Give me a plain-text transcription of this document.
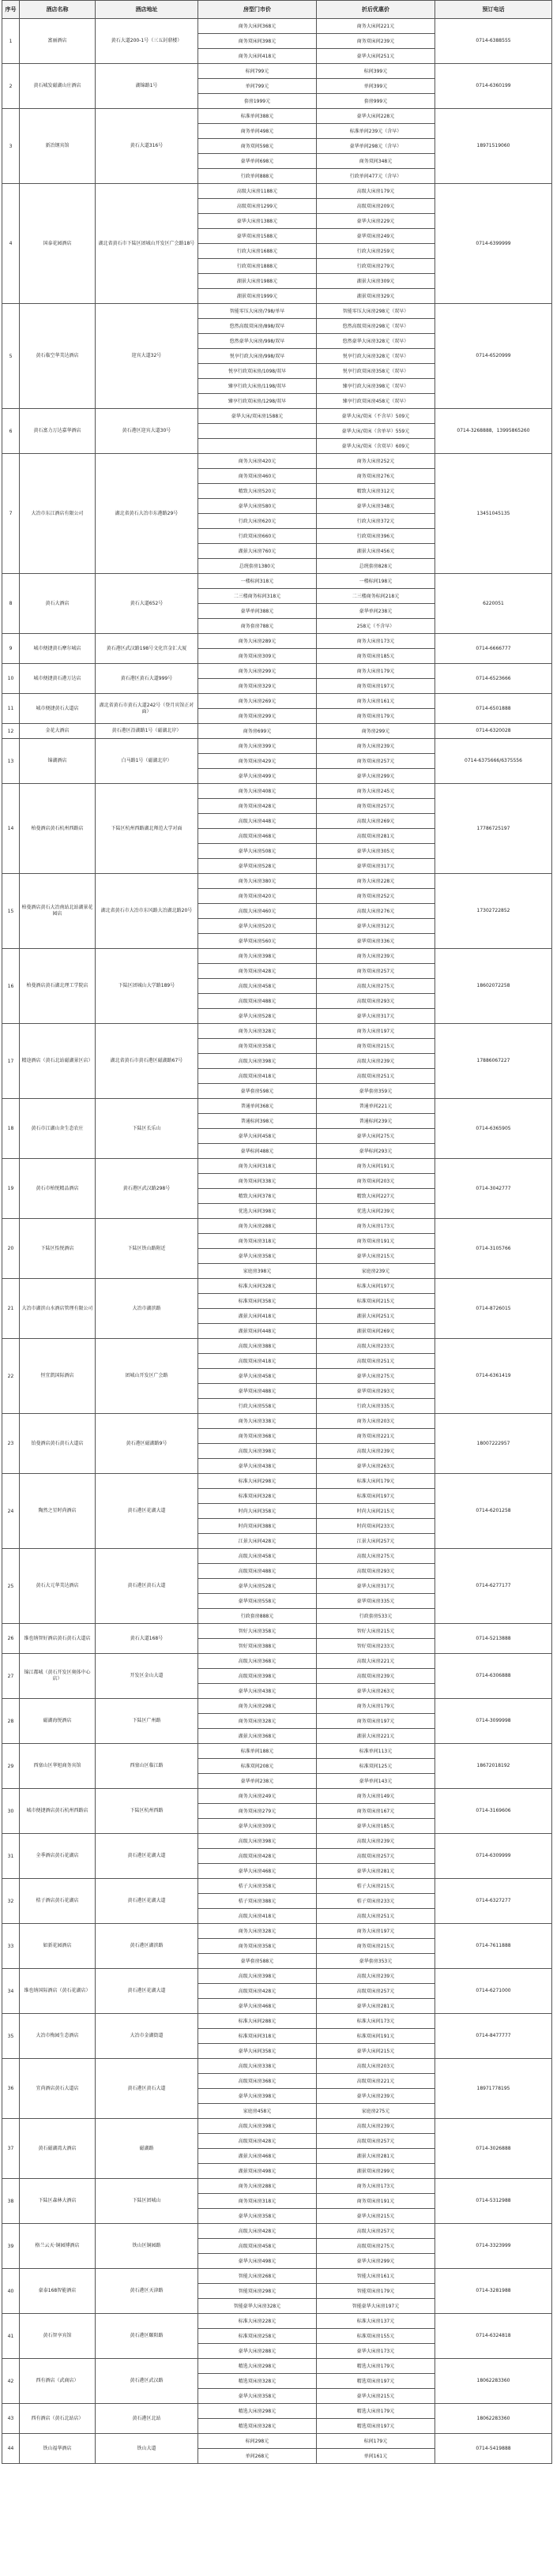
序号	酒店名称	酒店地址	房型门市价	折后优惠价	预订电话
1	富丽酒店	黄石大道200-1号（三五封鼎楼）	商务大床间368元	商务大床间221元	0714-6388555
			商务双床间398元	商务双床间239元	
			商务大床间418元	豪华大床间251元	
2	黄石城发磁湖山庄酒店	湖锦路1号	标间799元	标间399元	0714-6360199
			单间799元	单间399元	
			套房1999元	套房999元	
3	新冶钢宾馆	黄石大道316号	标准单间388元	豪华大床间228元	18971519060
			商务单间498元	标准单间239元（含早）	
			商务双间598元	豪华单间298元（含早）	
			豪华单间698元	商务双间348元	
			行政单间888元	行政单间477元（含早）	
4	国泰花园酒店	湖北省黄石市下陆区团城山开发区广会路18号	高级大床房1188元	高级大床房179元	0714-6399999
			高级双床房1299元	高级双床房209元	
			豪华大床房1388元	豪华大床房229元	
			豪华双床房1588元	豪华双床房249元	
			行政大床房1688元	行政大床房259元	
			行政双床房1888元	行政双床房279元	
			湖景大床房1988元	湖景大床房309元	
			湖景双床房1999元	湖景双床房329元	
5	黄石临空华美达酒店	迎宾大道32号	智能零压大床房/798/单早	智能零压大床房298元（双早）	0714-6520999
			悠然高级双床房/898/双早	悠然高级双床房298元（双早）	
			悠然豪华大床房/998/双早	悠然豪华大床房328元（双早）	
			悦享行政大床房/998/双早	悦享行政大床房328元（双早）	
			悦享行政双床房/1098/双早	悦享行政双床房358元（双早）	
			臻享行政大床房/1198/双早	臻享行政大床房398元（双早）	
			臻享行政双床房/1298/双早	臻享行政双床房458元（双早）	
6	黄石富力万达嘉华酒店	黄石港区迎宾大道30号	豪华大床/双床房1588元	豪华大床/双床（不含早）509元	0714-3268888，13995865260
				豪华大床/双床（含单早）559元	
				豪华大床/双床（含双早）609元	
7	大冶市东江酒店有限公司	湖北省黄石大冶市东港路29号	商务大床房420元	商务大床房252元	13451045135
			商务双床房460元	商务双床房276元	
			精致大床房520元	精致大床房312元	
			豪华大床房580元	豪华大床房348元	
			行政大床房620元	行政大床房372元	
			行政双床房660元	行政双床房396元	
			湖景大床房760元	湖景大床房456元	
			总统套房1380元	总统套房828元	
8	黄石大酒店	黄石大道652号	一楼标间318元	一楼标间198元	6220051
			二三楼商务标间318元	二三楼商务标间218元	
			豪华单间388元	豪华单间238元	
			商务套房788元	258元（不含早）	
9	城市便捷黄石摩尔城店	黄石港区武汉路198号文化宫金汇大厦	商务大床房289元	商务大床房173元	0714-6666777
			商务双床房309元	商务双床房185元	
10	城市便捷黄石港万达店	黄石港区黄石大道999号	商务大床房299元	商务大床房179元	0714-6523666
			商务双床房329元	商务双床房197元	
11	城市便捷黄石大道店	湖北省黄石市黄石大道242号（登月宾馆正对面）	商务大床房269元	商务大床房161元	0714-6501888
			商务双床房299元	商务双床房179元	
12	金花大酒店	黄石港区沿湖路1号（磁湖北岸）	商务房699元	商务房299元	0714-6320028
13	锦湖酒店	白马路1号（磁湖北岸）	商务大床房399元	商务大床房239元	0714-6375666/6375556
			商务双床房429元	商务双床房257元	
			豪华大床房499元	豪华大床房299元	
14	柏曼酒店黄石杭州西路店	下陆区杭州西路湖北师范大学对面	商务大床房408元	商务大床房245元	17786725197
			商务双床房428元	商务双床房257元	
			高级大床房448元	高级大床房269元	
			高级双床房468元	高级双床房281元	
			豪华大床房508元	豪华大床房305元	
			豪华双床房528元	豪华双床房317元	
15	柏曼酒店黄石大冶南站北站湖景花园店	湖北省黄石市大冶市东风路大冶湖北路20号	商务大床房380元	商务大床房228元	17302722852
			商务双床房420元	商务双床房252元	
			高级大床房460元	高级大床房276元	
			豪华大床房520元	豪华大床房312元	
			豪华双床房560元	豪华双床房336元	
16	柏曼酒店黄石湖北理工学院店	下陆区团城山大学路189号	商务大床房398元	商务大床房239元	18602072258
			商务双床房428元	商务双床房257元	
			高级大床房458元	高级大床房275元	
			高级双床房488元	高级双床房293元	
			豪华大床房528元	豪华大床房317元	
17	精途酒店（黄石北站磁湖景区店）	湖北省黄石市黄石港区磁湖路67号	商务大床房328元	商务大床房197元	17886067227
			商务双床房358元	商务双床房215元	
			高级大床房398元	高级大床房239元	
			高级双床房418元	高级双床房251元	
			豪华套房598元	豪华套房359元	
18	黄石市江湖山舍生态农庄	下陆区长乐山	普通单间368元	普通单间221元	0714-6365905
			普通标间398元	普通标间239元	
			豪华大床间458元	豪华大床间275元	
			豪华标间488元	豪华标间293元	
19	黄石市柏悦精品酒店	黄石港区武汉路298号	商务大床间318元	商务大床间191元	0714-3042777
			商务双床间338元	商务双床间203元	
			精致大床间378元	精致大床间227元	
			优选大床间398元	优选大床间239元	
20	下陆区怡悦酒店	下陆区铁山路附近	商务大床房288元	商务大床房173元	0714-3105766
			商务双床房318元	商务双床房191元	
			豪华大床房358元	豪华大床房215元	
			家庭房398元	家庭房239元	
21	大冶市湖滨山水酒店管理有限公司	大冶市湖滨路	标准大床间328元	标准大床间197元	0714-8726015
			标准双床间358元	标准双床间215元	
			湖景大床间418元	湖景大床间251元	
			湖景双床间448元	湖景双床间269元	
22	恒宜凯国际酒店	团城山开发区广会路	高级大床房388元	高级大床房233元	0714-6361419
			高级双床房418元	高级双床房251元	
			豪华大床房458元	豪华大床房275元	
			豪华双床房488元	豪华双床房293元	
			行政大床房558元	行政大床房335元	
23	铂曼酒店黄石黄石大道店	黄石港区磁湖路9号	商务大床房338元	商务大床房203元	18007222957
			商务双床房368元	商务双床房221元	
			高级大床房398元	高级大床房239元	
			豪华大床房438元	豪华大床房263元	
24	陶然之星时尚酒店	黄石港区花湖大道	标准大床间298元	标准大床间179元	0714-6201258
			标准双床间328元	标准双床间197元	
			时尚大床间358元	时尚大床间215元	
			时尚双床间388元	时尚双床间233元	
			江景大床间428元	江景大床间257元	
25	黄石大元华美达酒店	黄石港区黄石大道	高级大床房458元	高级大床房275元	0714-6277177
			高级双床房488元	高级双床房293元	
			豪华大床房528元	豪华大床房317元	
			豪华双床房558元	豪华双床房335元	
			行政套房888元	行政套房533元	
26	维也纳智好酒店黄石黄石大道店	黄石大道168号	智好大床房358元	智好大床房215元	0714-5213888
			智好双床房388元	智好双床房233元	
27	锦江都城（黄石开发区奥体中心店）	开发区金山大道	高级大床房368元	高级大床房221元	0714-6306888
			高级双床房398元	高级双床房239元	
			豪华大床房438元	豪华大床房263元	
28	磁湖海悦酒店	下陆区广州路	商务大床房298元	商务大床房179元	0714-3099998
			商务双床房328元	商务双床房197元	
			湖景大床房368元	湖景大床房221元	
29	西塞山区华旭商务宾馆	西塞山区临江路	标准单间188元	标准单间113元	18672018192
			标准双间208元	标准双间125元	
			豪华单间238元	豪华单间143元	
30	城市便捷酒店黄石杭州西路店	下陆区杭州西路	商务大床房249元	商务大床房149元	0714-3169606
			商务双床房279元	商务双床房167元	
			豪华大床房309元	豪华大床房185元	
31	全季酒店黄石花湖店	黄石港区花湖大道	高级大床房398元	高级大床房239元	0714-6309999
			高级双床房428元	高级双床房257元	
			豪华大床房468元	豪华大床房281元	
32	桔子酒店黄石花湖店	黄石港区花湖大道	桔子大床房358元	桔子大床房215元	0714-6327277
			桔子双床房388元	桔子双床房233元	
			高级大床房418元	高级大床房251元	
33	如新花园酒店	黄石港区湖滨路	商务大床房328元	商务大床房197元	0714-7611888
			商务双床房358元	商务双床房215元	
			豪华套房588元	豪华套房353元	
34	维也纳国际酒店（黄石花湖店）	黄石港区花湖大道	高级大床房398元	高级大床房239元	0714-6271000
			高级双床房428元	高级双床房257元	
			豪华大床房468元	豪华大床房281元	
35	大冶市梅园生态酒店	大冶市金湖街道	标准大床间288元	标准大床间173元	0714-8477777
			标准双床间318元	标准双床间191元	
			豪华大床间358元	豪华大床间215元	
36	宜尚酒店黄石大道店	黄石港区黄石大道	高级大床房338元	高级大床房203元	18971778195
			高级双床房368元	高级双床房221元	
			豪华大床房398元	豪华大床房239元	
			家庭房458元	家庭房275元	
37	黄石磁湖湾大酒店	磁湖路	高级大床房398元	高级大床房239元	0714-3026888
			高级双床房428元	高级双床房257元	
			湖景大床房468元	湖景大床房281元	
			湖景双床房498元	湖景双床房299元	
38	下陆区森林大酒店	下陆区团城山	商务大床房288元	商务大床房173元	0714-5312988
			商务双床房318元	商务双床房191元	
			豪华大床房358元	豪华大床房215元	
39	格兰云天·铜园博酒店	铁山区铜园路	高级大床房428元	高级大床房257元	0714-3323999
			高级双床房458元	高级双床房275元	
			豪华大床房498元	豪华大床房299元	
40	豪泰168智能酒店	黄石港区天津路	智能大床房268元	智能大床房161元	0714-3281988
			智能双床房298元	智能双床房179元	
			智能豪华大床房328元	智能豪华大床房197元	
41	黄石智享宾馆	黄石港区颐阳路	标准大床房228元	标准大床房137元	0714-6324818
			标准双床房258元	标准双床房155元	
			豪华大床房288元	豪华大床房173元	
42	西有酒店（武商店）	黄石港区武汉路	精选大床房298元	精选大床房179元	18062283360
			精选双床房328元	精选双床房197元	
			豪华大床房358元	豪华大床房215元	
43	西有酒店（黄石北站店）	黄石港区北站	精选大床房298元	精选大床房179元	18062283360
			精选双床房328元	精选双床房197元	
44	铁山福华酒店	铁山大道	标间298元	标间179元	0714-5419888
			单间268元	单间161元	
